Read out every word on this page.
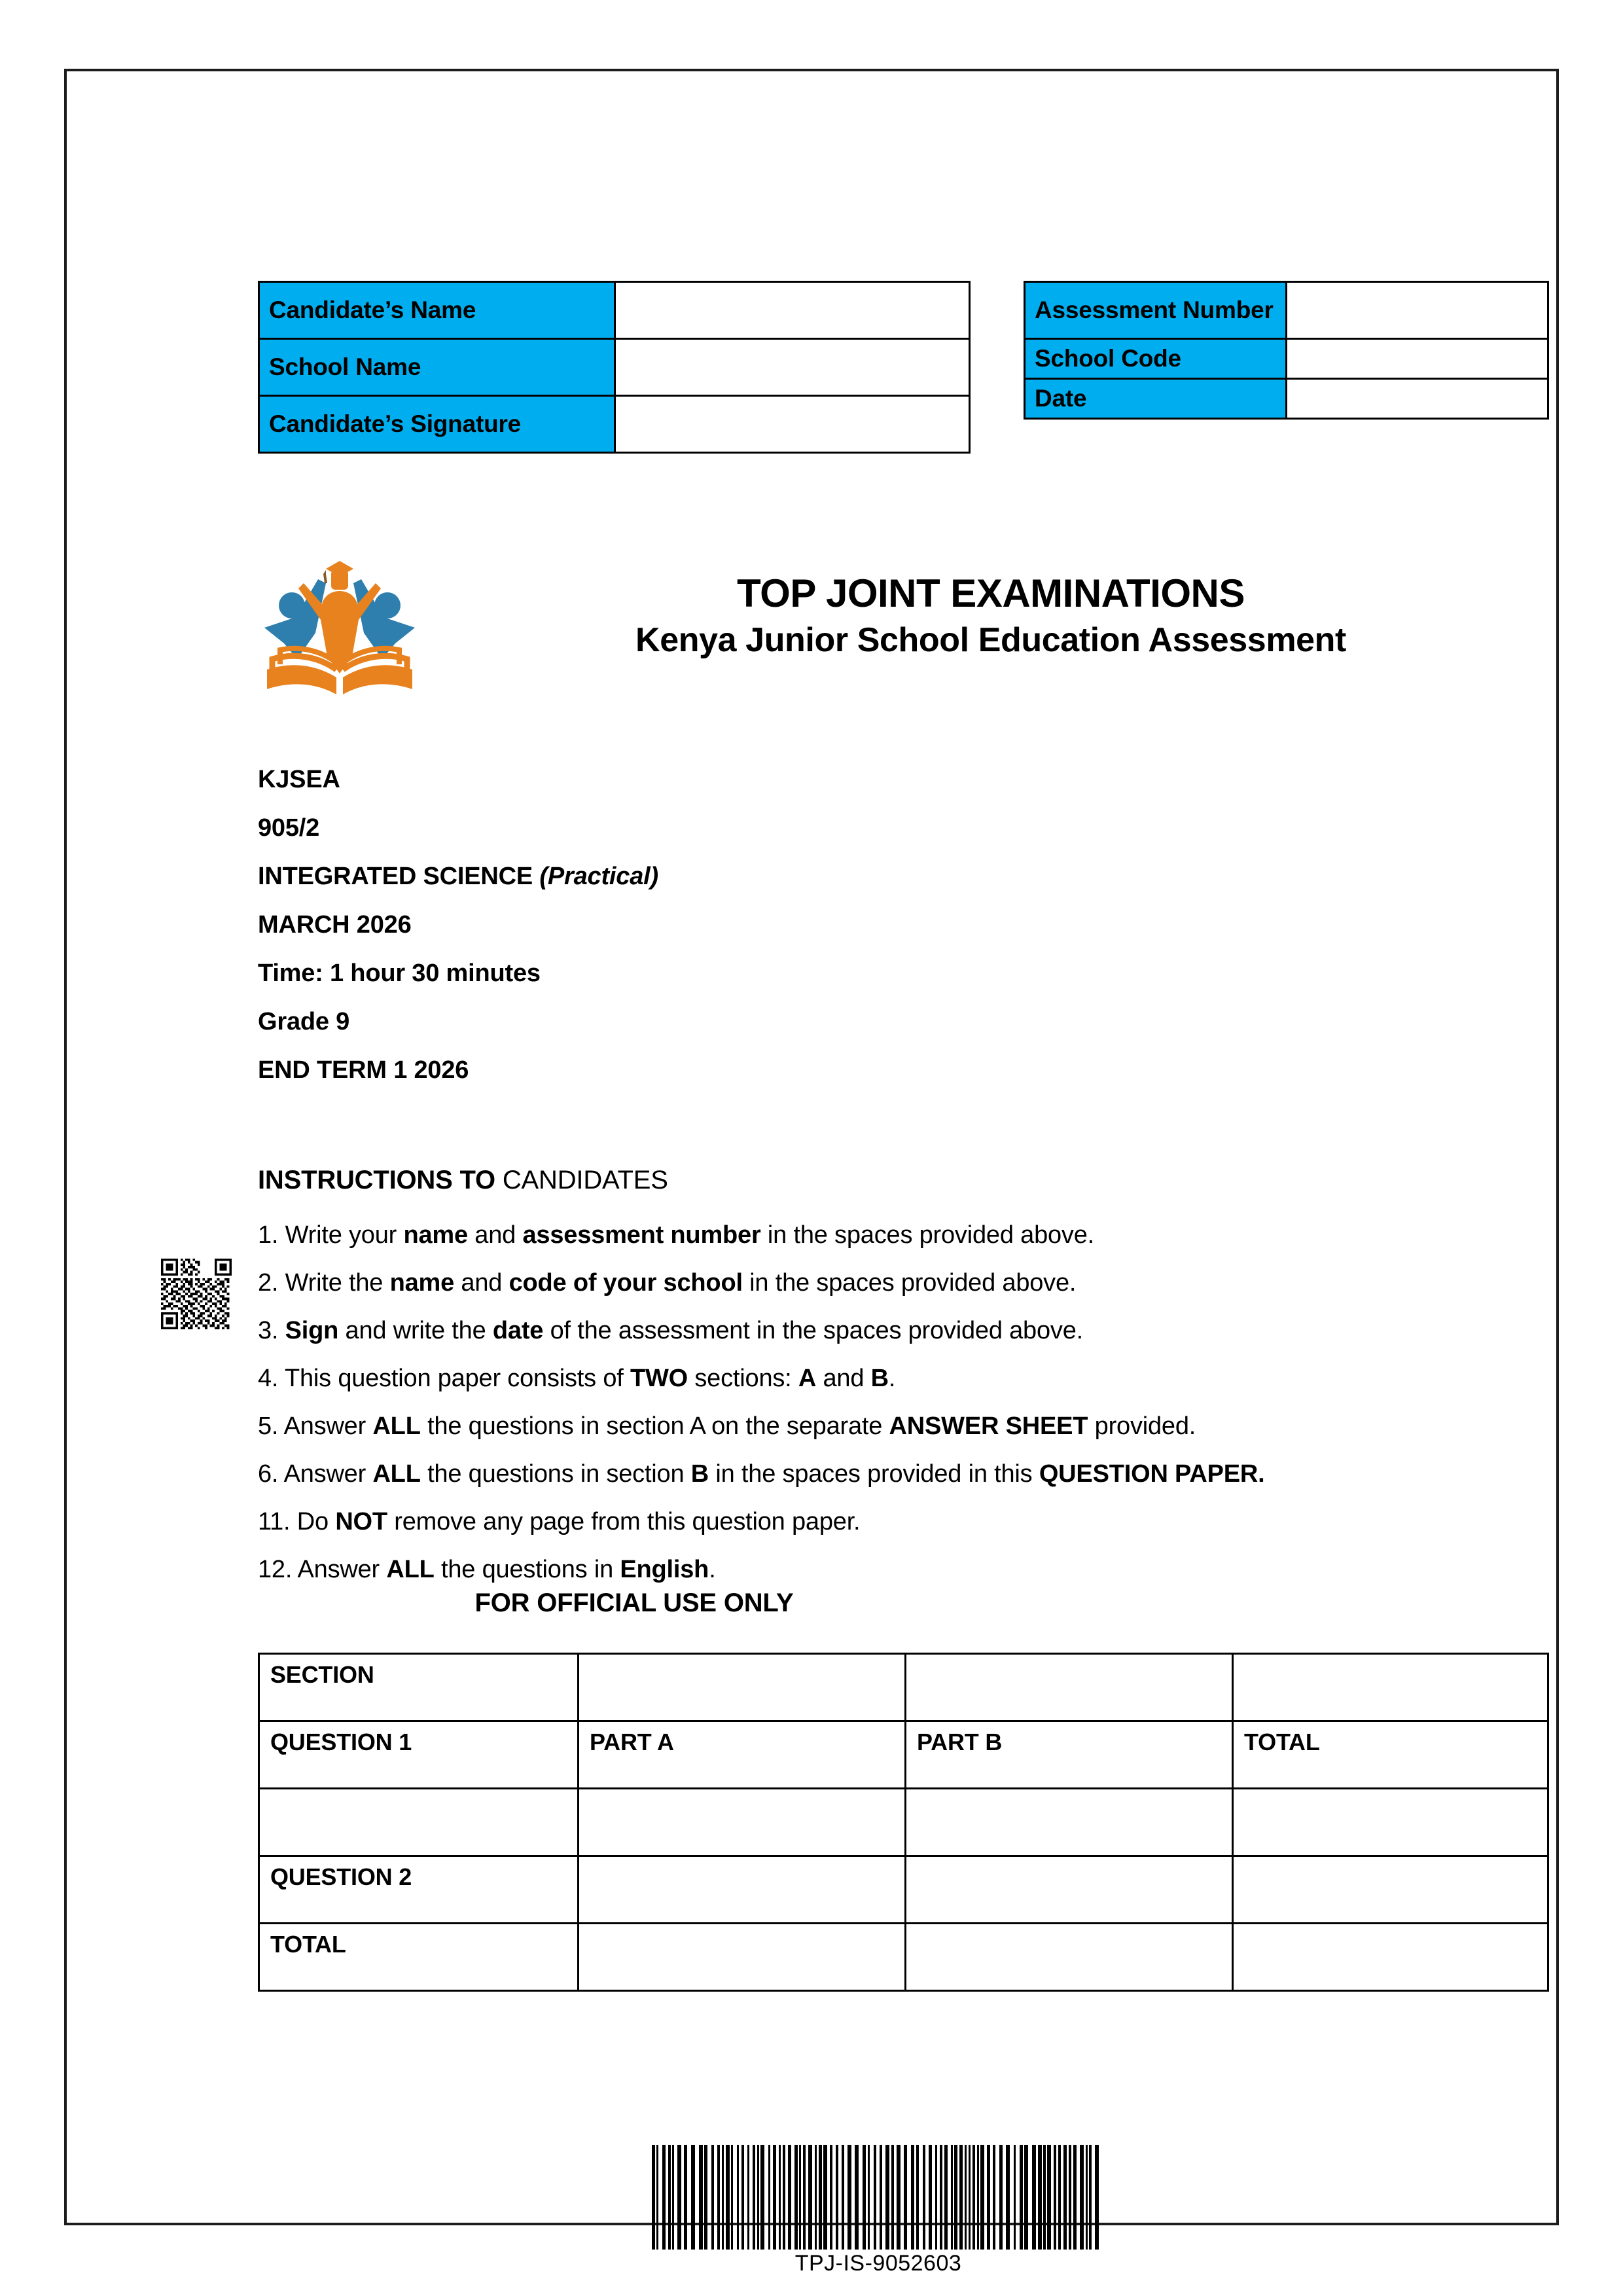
Candidate’s Name	
School Name	
Candidate’s Signature	
Assessment Number	
School Code	
Date	
TOP JOINT EXAMINATIONS
Kenya Junior School Education Assessment
KJSEA
905/2
INTEGRATED SCIENCE (Practical)
MARCH 2026
Time: 1 hour 30 minutes
Grade 9
END TERM 1 2026
INSTRUCTIONS TO CANDIDATES
1. Write your name and assessment number in the spaces provided above.
2. Write the name and code of your school in the spaces provided above.
3. Sign and write the date of the assessment in the spaces provided above.
4. This question paper consists of TWO sections: A and B.
5. Answer ALL the questions in section A on the separate ANSWER SHEET provided.
6. Answer ALL the questions in section B in the spaces provided in this QUESTION PAPER.
11. Do NOT remove any page from this question paper.
12. Answer ALL the questions in English.
FOR OFFICIAL USE ONLY
SECTION			
QUESTION 1	PART A	PART B	TOTAL

QUESTION 2			
TOTAL			
TPJ-IS-9052603
